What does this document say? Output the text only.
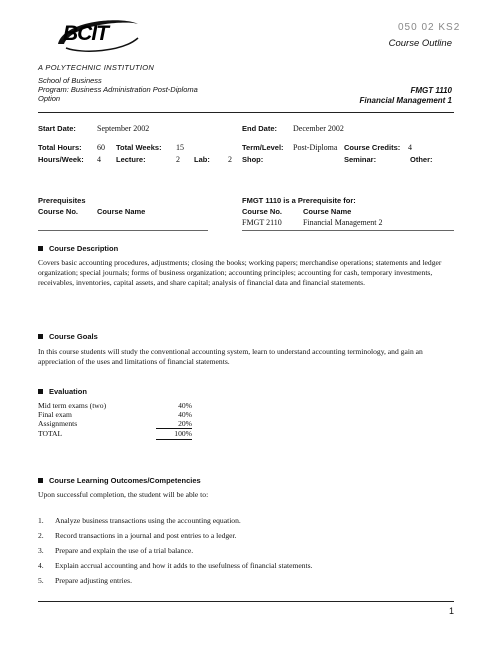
BCIT
A POLYTECHNIC INSTITUTION
050 02 KS2
Course Outline
School of Business
Program: Business Administration Post-Diploma
Option
FMGT 1110
Financial Management 1
Start Date:	September 2002	End Date: December 2002
Total Hours: 60 Total Weeks: 15	Term/Level: Post-Diploma Course Credits: 4
Hours/Week: 4 Lecture:	2 Lab: 2 Shop:	Seminar:	Other:
Prerequisites
Course No.	Course Name
FMGT 1110 is a Prerequisite for:
Course No.	Course Name
FMGT 2110	Financial Management 2
Course Description
Covers basic accounting procedures, adjustments; closing the books; working papers; merchandise operations; statements and ledger organization; special journals; forms of business organization; accounting principles; accounting for cash, temporary investments, receivables, inventories, capital assets, and share capital; analysis of financial data and financial statements.
Course Goals
In this course students will study the conventional accounting system, learn to understand accounting terminology, and gain an appreciation of the uses and limitations of financial statements.
Evaluation
Mid term exams (two)	40%
Final exam	40%
Assignments	20%
TOTAL	100%
Course Learning Outcomes/Competencies
Upon successful completion, the student will be able to:
1. Analyze business transactions using the accounting equation.
2. Record transactions in a journal and post entries to a ledger.
3. Prepare and explain the use of a trial balance.
4. Explain accrual accounting and how it adds to the usefulness of financial statements.
5. Prepare adjusting entries.
1
